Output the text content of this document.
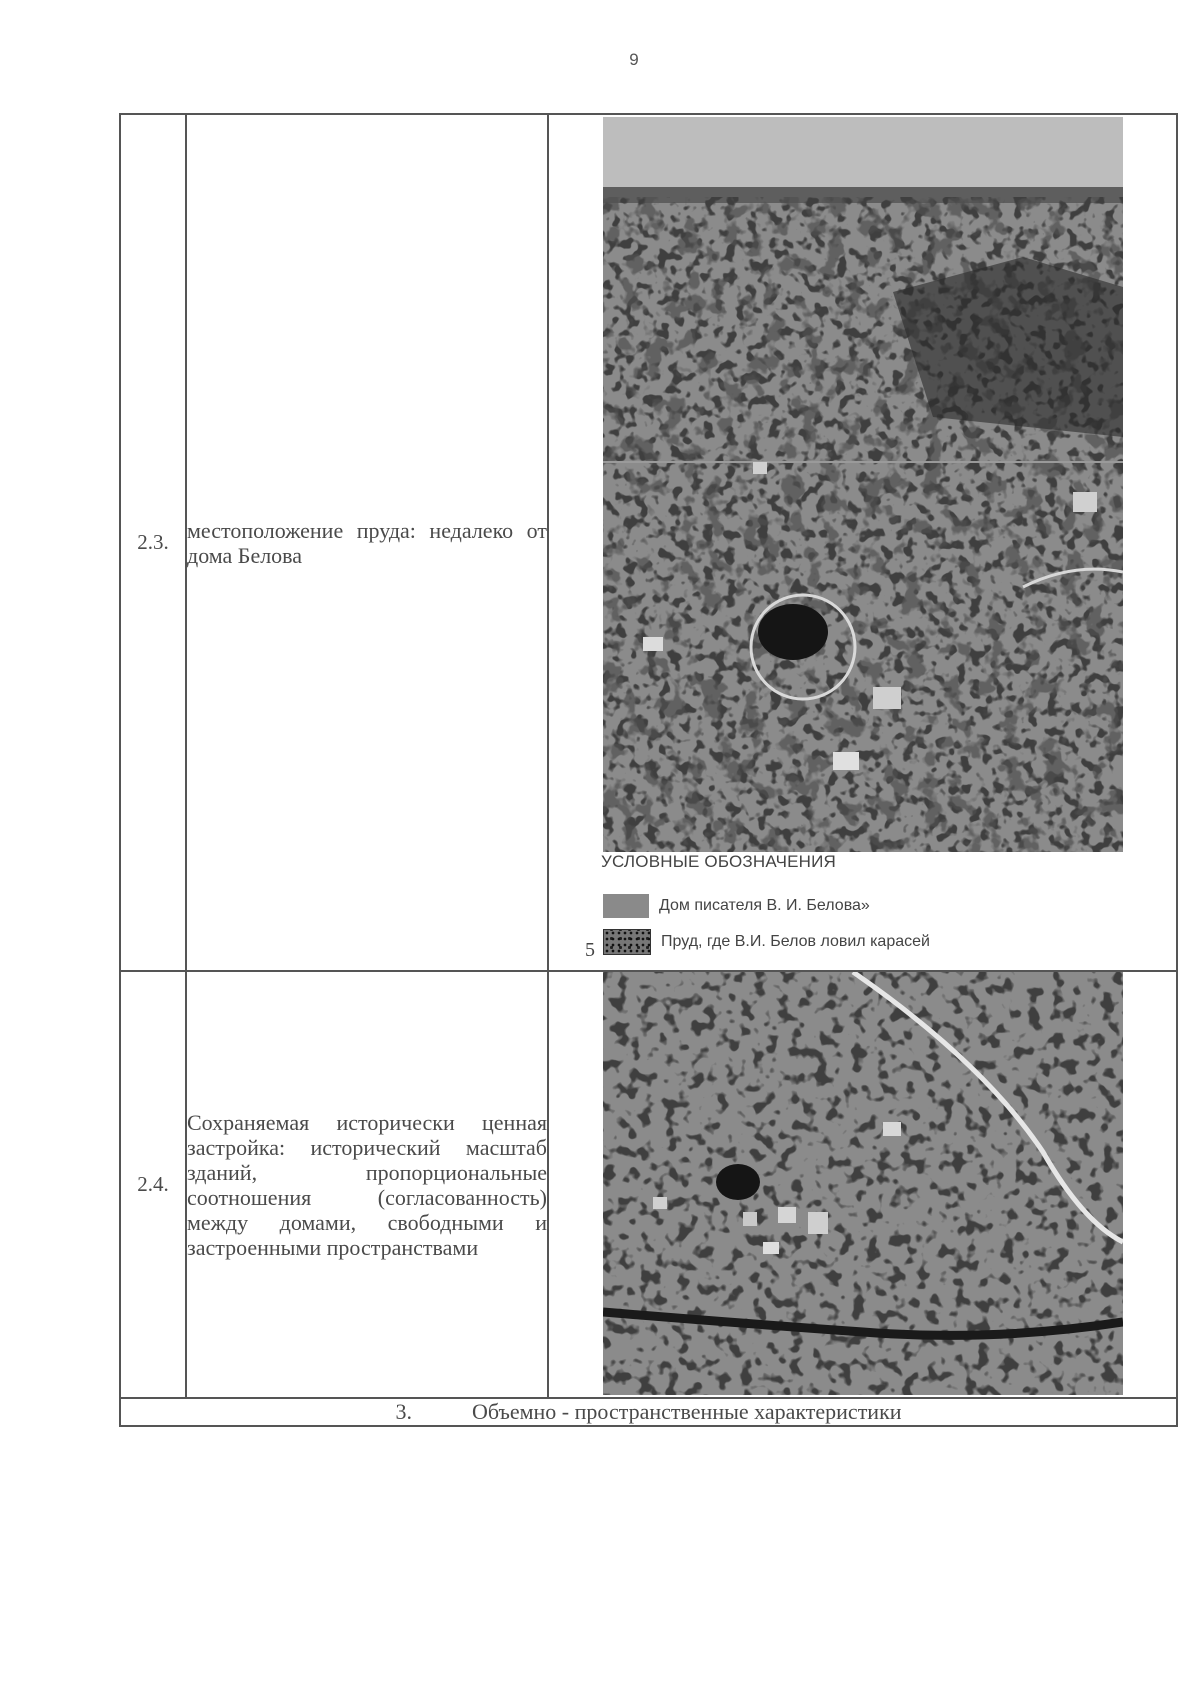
9
2.3.	местоположение пруда: недалеко от дома Белова	УСЛОВНЫЕ ОБОЗНАЧЕНИЯ
Дом писателя В. И. Белова»
Пруд, где В.И. Белов ловил карасей
5

2.4.	Сохраняемая исторически ценная застройка: исторический масштаб зданий, пропорциональные соотношения (согласованность) между домами, свободными и застроенными пространствами

3. Объемно - пространственные характеристики		
